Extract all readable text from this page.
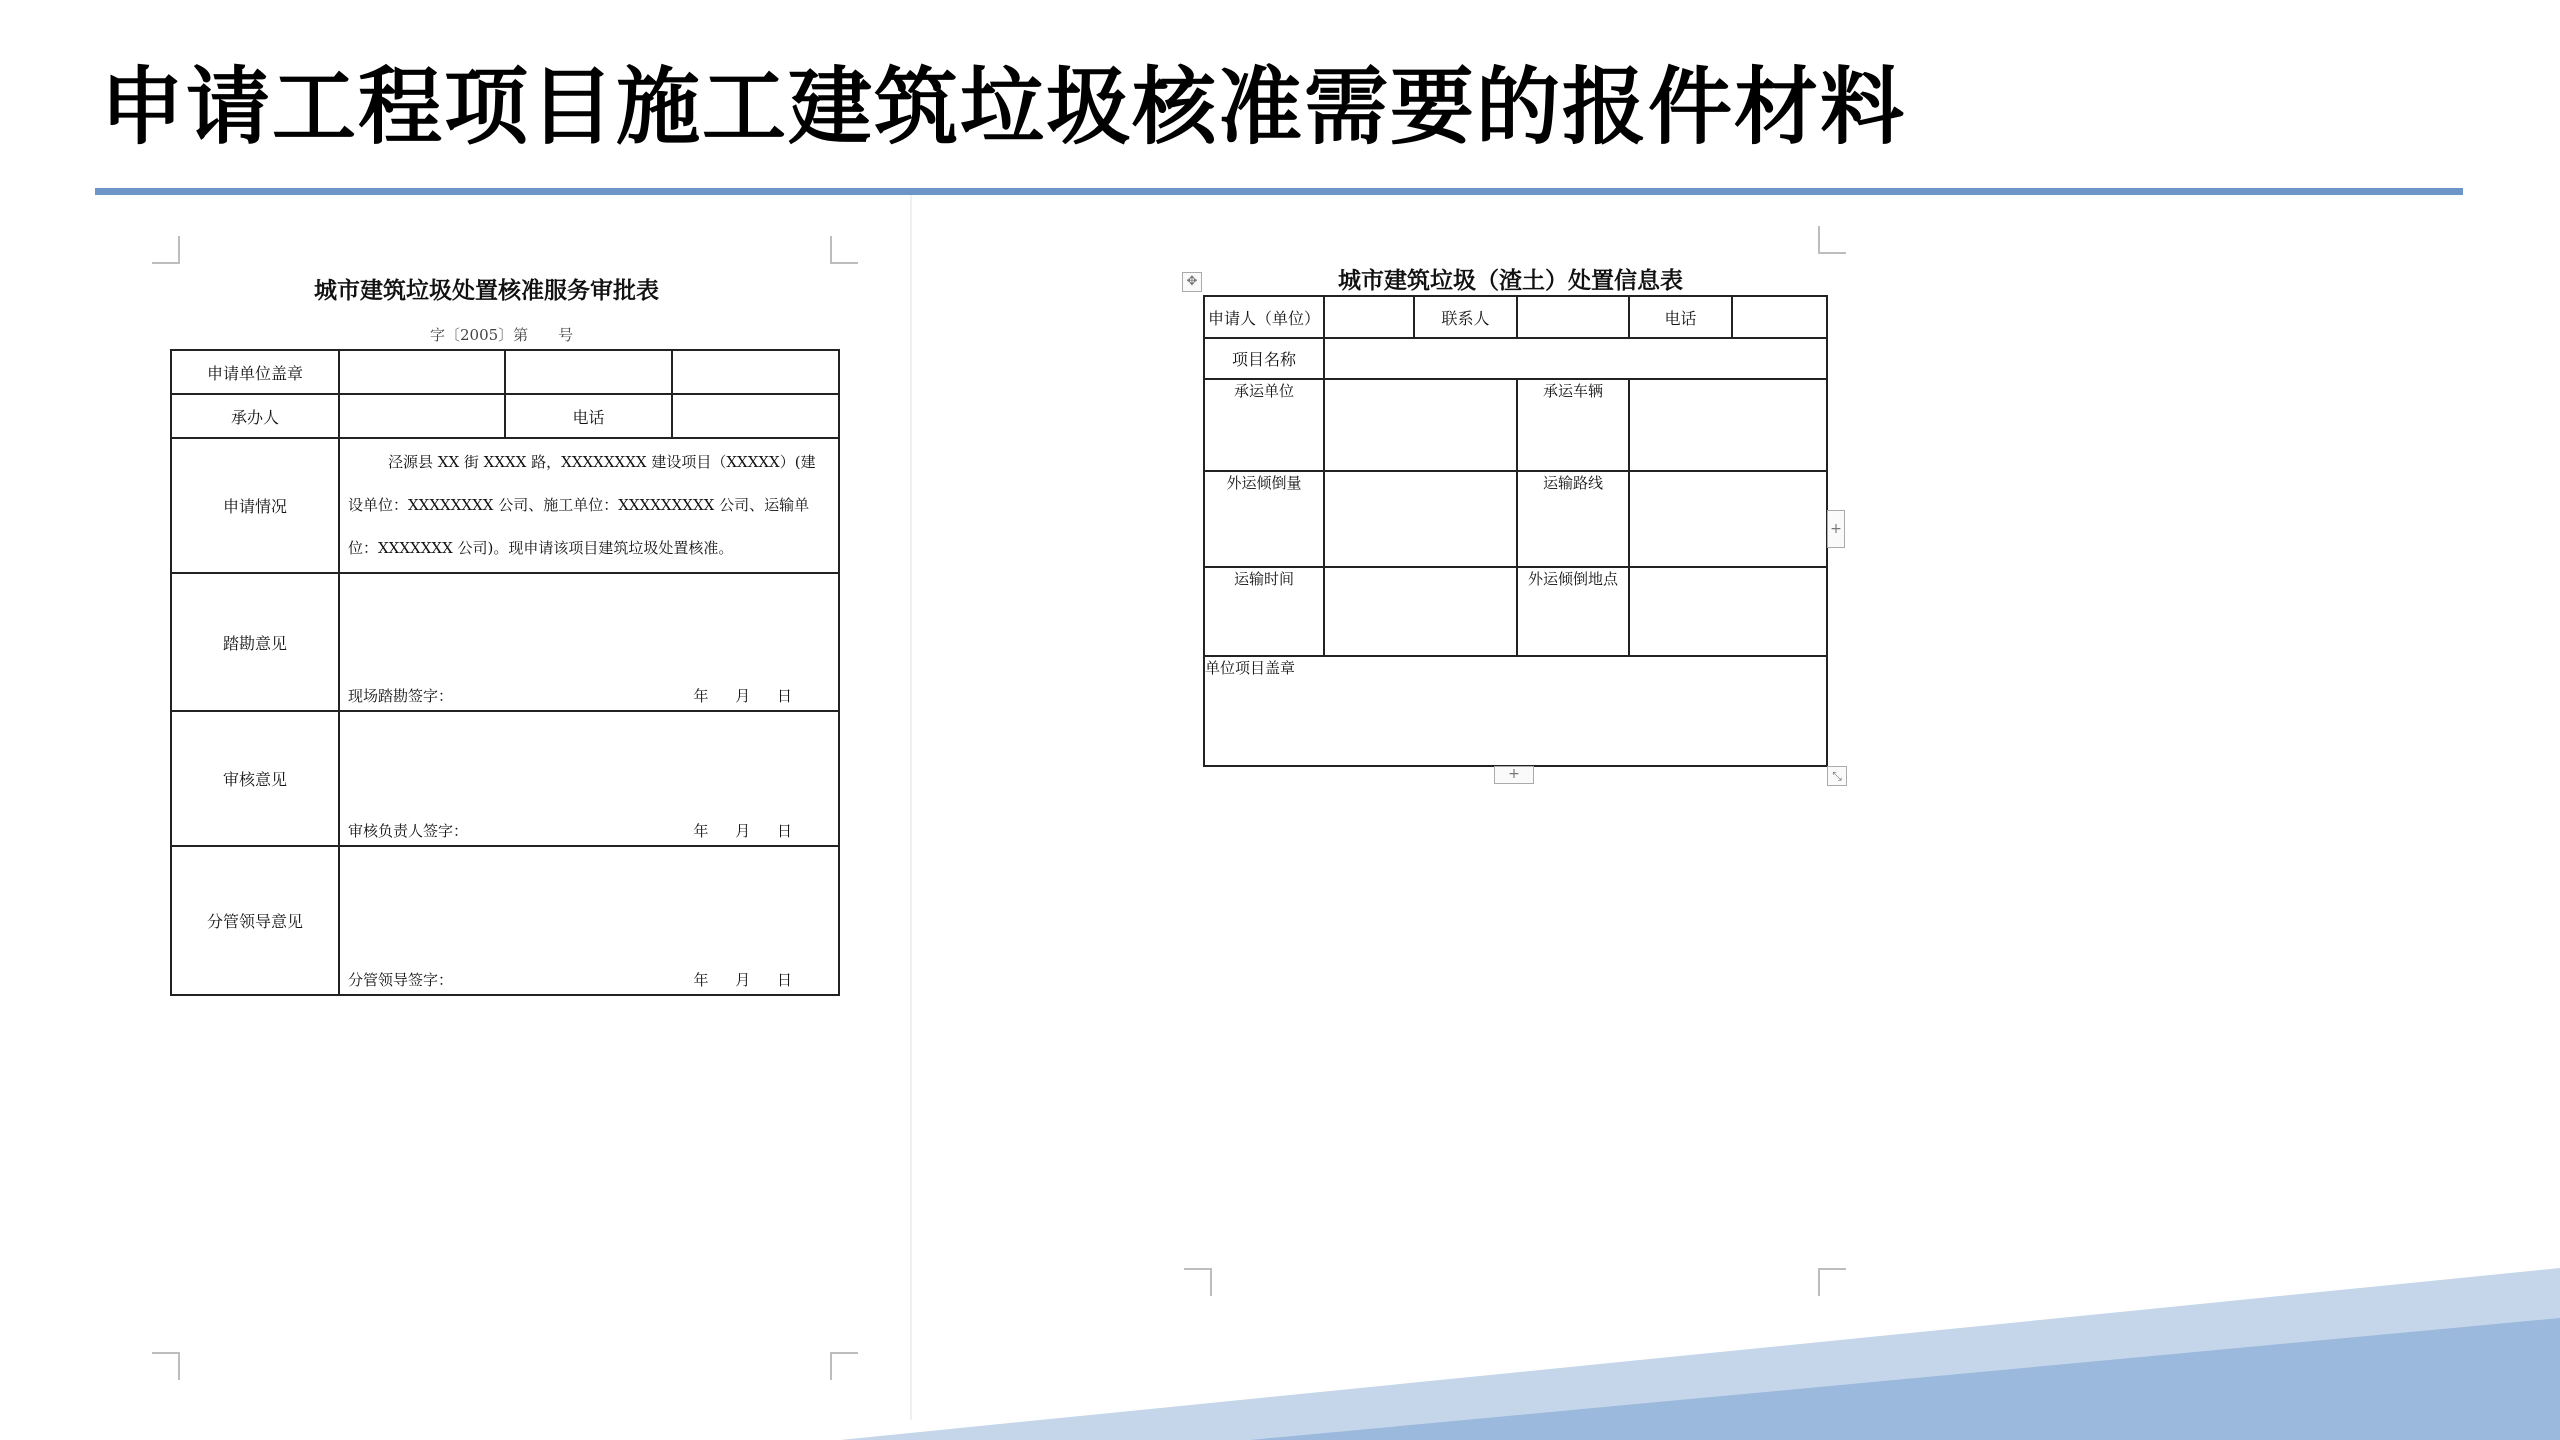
申请工程项目施工建筑垃圾核准需要的报件材料
城市建筑垃圾处置核准服务审批表
字〔2005〕第　　号
申请单位盖章			
承办人		电话	
申请情况	泾源县 XX 街 XXXX 路，XXXXXXXX 建设项目（XXXXX）(建设单位：XXXXXXXX 公司、施工单位：XXXXXXXXX 公司、运输单位：XXXXXXX 公司)。现申请该项目建筑垃圾处置核准。		

踏勘意见	现场踏勘签字： 年 月 日		

审核意见	审核负责人签字： 年 月 日		

分管领导意见	分管领导签字： 年 月 日		
城市建筑垃圾（渣土）处置信息表
✥
申请人（单位）		联系人		电话	
项目名称					
承运单位			承运车辆		
外运倾倒量			运输路线		
运输时间			外运倾倒地点		
单位项目盖章					
+
+	⤡
